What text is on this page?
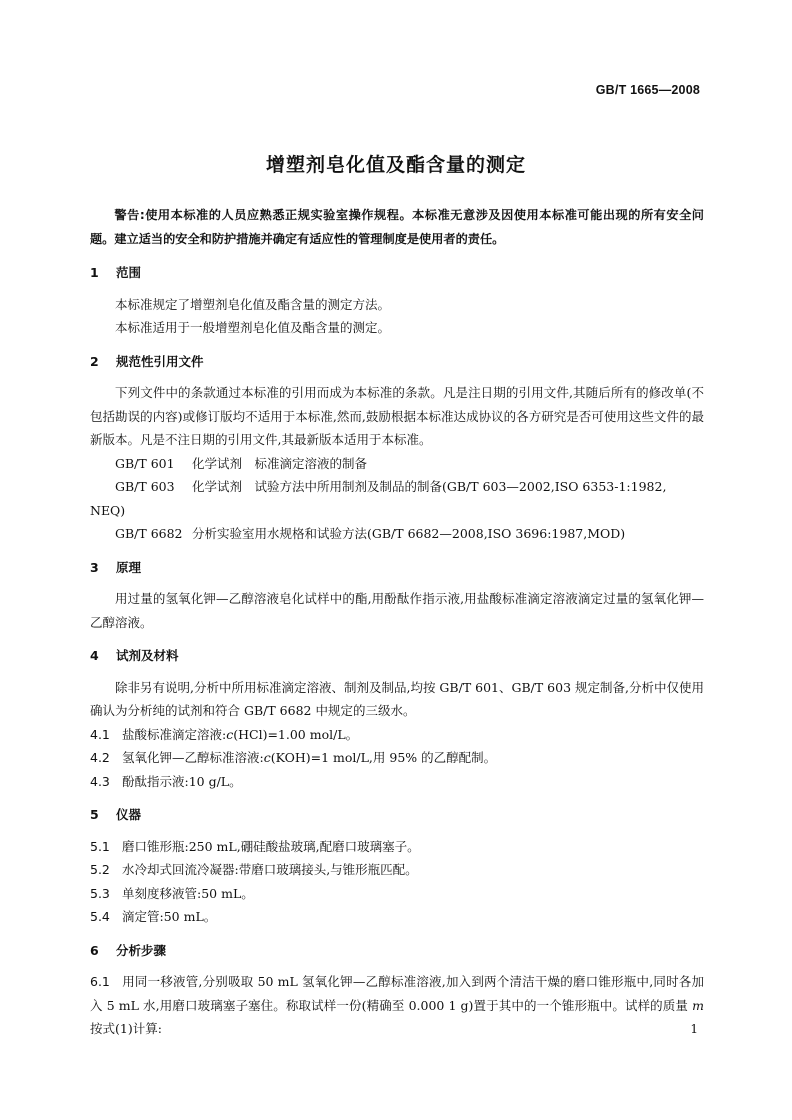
GB/T 1665—2008
增塑剂皂化值及酯含量的测定

警告:使用本标准的人员应熟悉正规实验室操作规程。本标准无意涉及因使用本标准可能出现的所有安全问题。建立适当的安全和防护措施并确定有适应性的管理制度是使用者的责任。

1 范围

本标准规定了增塑剂皂化值及酯含量的测定方法。

本标准适用于一般增塑剂皂化值及酯含量的测定。

2 规范性引用文件

下列文件中的条款通过本标准的引用而成为本标准的条款。凡是注日期的引用文件,其随后所有的修改单(不包括勘误的内容)或修订版均不适用于本标准,然而,鼓励根据本标准达成协议的各方研究是否可使用这些文件的最新版本。凡是不注日期的引用文件,其最新版本适用于本标准。

GB/T 601 化学试剂　标准滴定溶液的制备

GB/T 603 化学试剂　试验方法中所用制剂及制品的制备(GB/T 603—2002,ISO 6353-1:1982,

NEQ)

GB/T 6682 分析实验室用水规格和试验方法(GB/T 6682—2008,ISO 3696:1987,MOD)

3 原理

用过量的氢氧化钾—乙醇溶液皂化试样中的酯,用酚酞作指示液,用盐酸标准滴定溶液滴定过量的氢氧化钾—乙醇溶液。

4 试剂及材料

除非另有说明,分析中所用标准滴定溶液、制剂及制品,均按 GB/T 601、GB/T 603 规定制备,分析中仅使用确认为分析纯的试剂和符合 GB/T 6682 中规定的三级水。

4.1 盐酸标准滴定溶液:c(HCl)=1.00 mol/L。

4.2 氢氧化钾—乙醇标准溶液:c(KOH)=1 mol/L,用 95% 的乙醇配制。

4.3 酚酞指示液:10 g/L。

5 仪器

5.1 磨口锥形瓶:250 mL,硼硅酸盐玻璃,配磨口玻璃塞子。

5.2 水冷却式回流冷凝器:带磨口玻璃接头,与锥形瓶匹配。

5.3 单刻度移液管:50 mL。

5.4 滴定管:50 mL。

6 分析步骤

6.1 用同一移液管,分别吸取 50 mL 氢氧化钾—乙醇标准溶液,加入到两个清洁干燥的磨口锥形瓶中,同时各加入 5 mL 水,用磨口玻璃塞子塞住。称取试样一份(精确至 0.000 1 g)置于其中的一个锥形瓶中。试样的质量 m 按式(1)计算:	1
